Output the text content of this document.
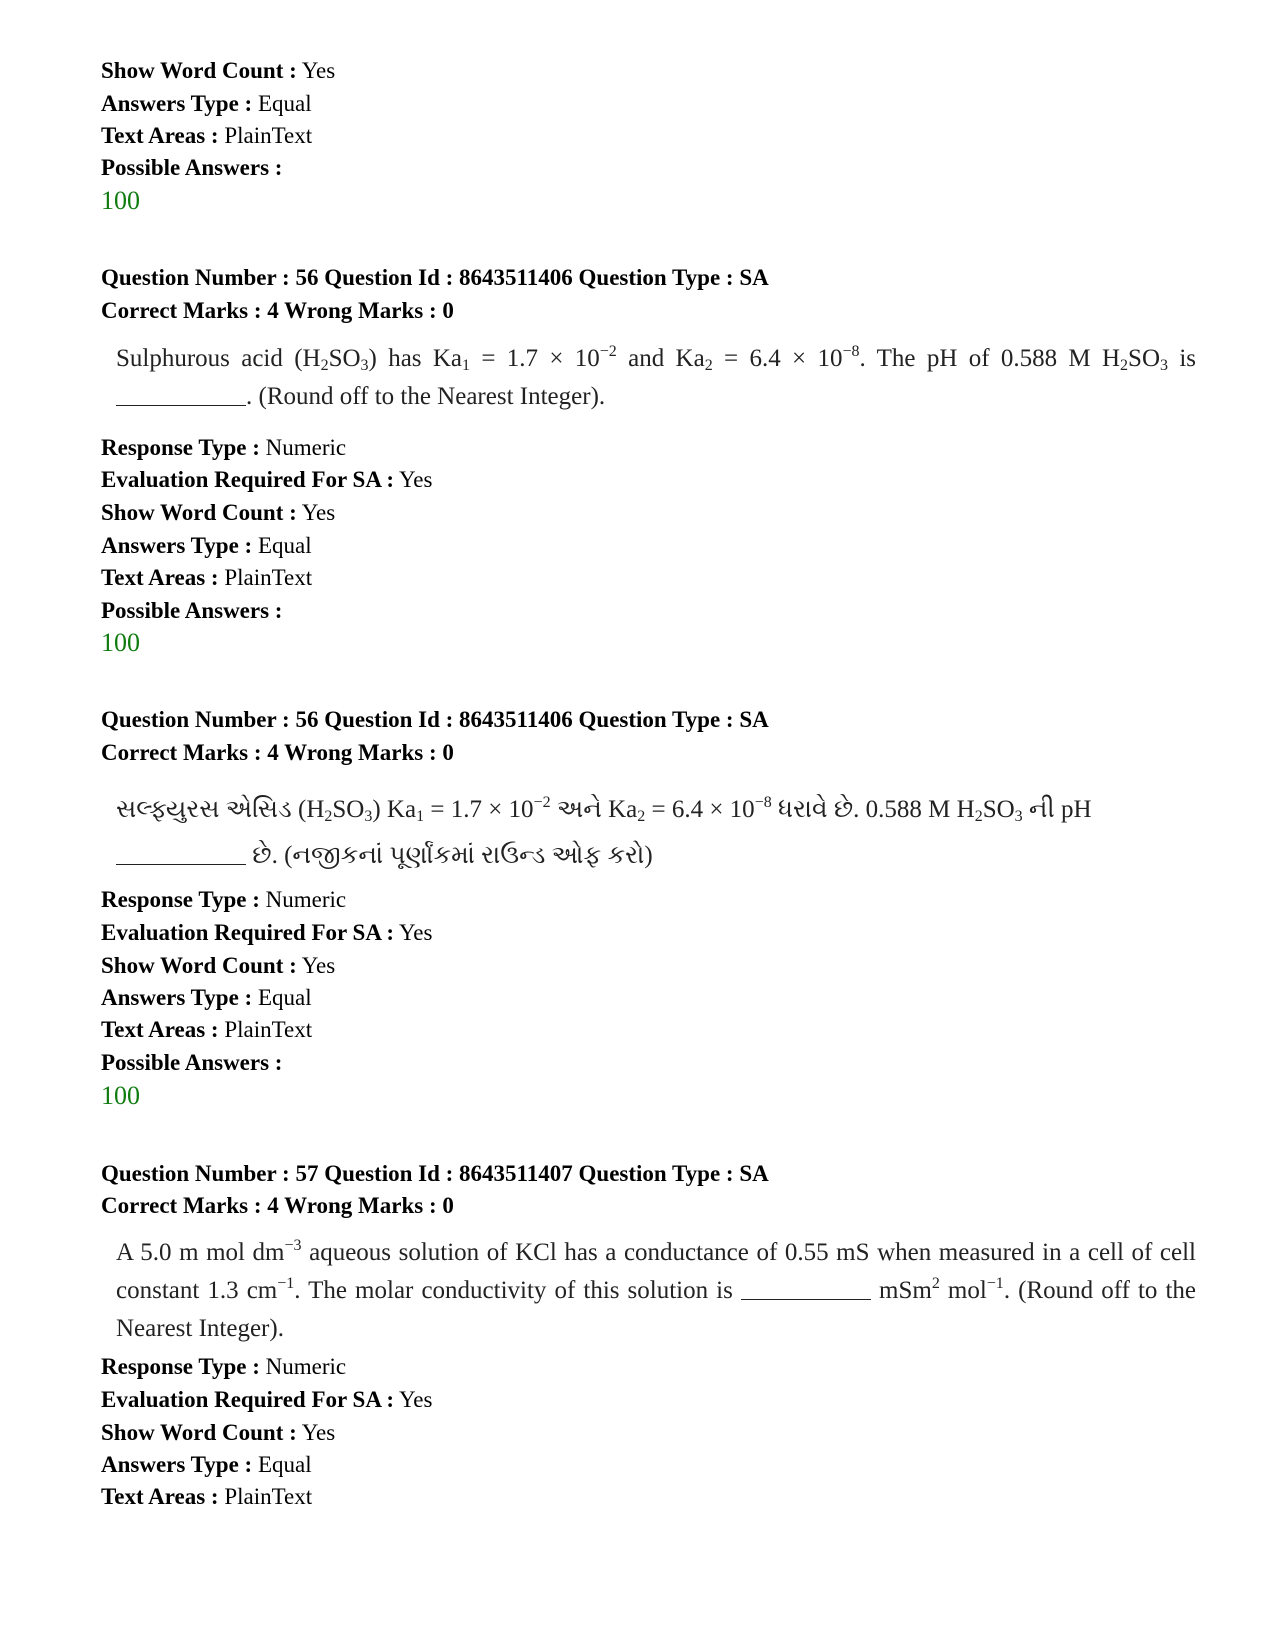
Show Word Count : Yes
Answers Type : Equal
Text Areas : PlainText
Possible Answers :
100
Question Number : 56 Question Id : 8643511406 Question Type : SA
Correct Marks : 4 Wrong Marks : 0
Sulphurous acid $(H_2SO_3)$ has $Ka_1 = 1.7 \times 10^{-2}$ and $Ka_2 = 6.4 \times 10^{-8}$. The pH of 0.588 M $H_2SO_3$ is . (Round off to the Nearest Integer).
Response Type : Numeric
Evaluation Required For SA : Yes
Show Word Count : Yes
Answers Type : Equal
Text Areas : PlainText
Possible Answers :
100
Question Number : 56 Question Id : 8643511406 Question Type : SA
Correct Marks : 4 Wrong Marks : 0
સલ્ફ્યુરસ એસિડ $(H_2SO_3) Ka_1 = 1.7 \times 10^{-2}$ અને $Ka_2 = 6.4 \times 10^{-8}$ ધરાવે છે. 0.588 M $H_2SO_3$ ની pH
છે. (નજીકનાં પૂર્ણાંકમાં રાઉન્ડ ઓફ કરો)
Response Type : Numeric
Evaluation Required For SA : Yes
Show Word Count : Yes
Answers Type : Equal
Text Areas : PlainText
Possible Answers :
100
Question Number : 57 Question Id : 8643511407 Question Type : SA
Correct Marks : 4 Wrong Marks : 0
A 5.0 m mol $dm^{-3}$ aqueous solution of KCl has a conductance of 0.55 mS when measured in a cell of cell constant 1.3 $cm^{-1}$. The molar conductivity of this solution is	mSm$^2$ mol$^{-1}$. (Round off to the Nearest Integer).
Response Type : Numeric
Evaluation Required For SA : Yes
Show Word Count : Yes
Answers Type : Equal
Text Areas : PlainText
